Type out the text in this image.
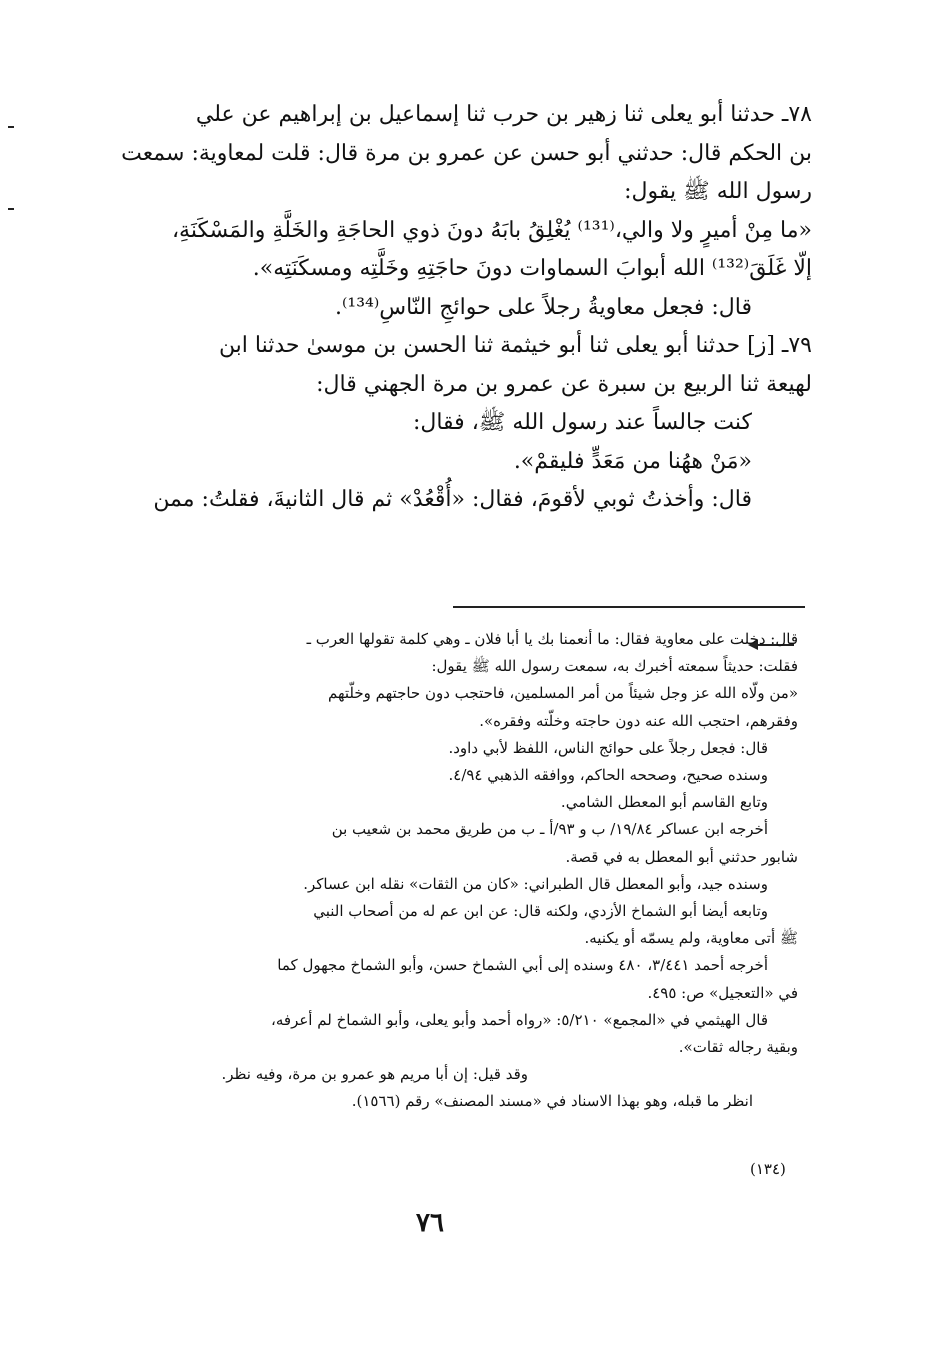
٧٨ـ حدثنا أبو يعلى ثنا زهير بن حرب ثنا إسماعيل بن إبراهيم عن علي

بن الحكم قال: حدثني أبو حسن عن عمرو بن مرة قال: قلت لمعاوية: سمعت

رسول الله ﷺ يقول:

«ما مِنْ أميرٍ ولا والي،⁽¹³¹⁾ يُغْلِقُ بابَهُ دونَ ذوي الحاجَةِ والخَلَّةِ والمَسْكَنَةِ،

إلّا غَلَقَ⁽¹³²⁾ الله أبوابَ السماوات دونَ حاجَتِهِ وخَلَّتِه ومسكَنَتِه».

قال: فجعل معاويةُ رجلاً على حوائجِ النّاسِ⁽¹³⁴⁾.

٧٩ـ [ز] حدثنا أبو يعلى ثنا أبو خيثمة ثنا الحسن بن موسىٰ حدثنا ابن

لهيعة ثنا الربيع بن سبرة عن عمرو بن مرة الجهني قال:

كنت جالساً عند رسول الله ﷺ، فقال:

«مَنْ ههُنا من مَعَدٍّ فليقمْ».

قال: وأخذتُ ثوبي لأقومَ، فقال: «أُقْعُدْ» ثم قال الثانيةَ، فقلتُ: ممن

قال: دخلت على معاوية فقال: ما أنعمنا بك يا أبا فلان ـ وهي كلمة تقولها العرب ـ

فقلت: حديثاً سمعته أخبرك به، سمعت رسول الله ﷺ يقول:

«من ولّاه الله عز وجل شيئاً من أمر المسلمين، فاحتجب دون حاجتهم وخلّتهم

وفقرهم، احتجب الله عنه دون حاجته وخلّته وفقره».

قال: فجعل رجلاً على حوائج الناس، اللفظ لأبي داود.

وسنده صحيح، وصححه الحاكم، ووافقه الذهبي ٤/٩٤.

وتابع القاسم أبو المعطل الشامي.

أخرجه ابن عساكر ١٩/٨٤/ ب و ٩٣/أ ـ ب من طريق محمد بن شعيب بن

شابور حدثني أبو المعطل به في قصة.

وسنده جيد، وأبو المعطل قال الطبراني: «كان من الثقات» نقله ابن عساكر.

وتابعه أيضا أبو الشماخ الأزدي، ولكنه قال: عن ابن عم له من أصحاب النبي

ﷺ أتى معاوية، ولم يسمّه أو يكنيه.

أخرجه أحمد ٣/٤٤١، ٤٨٠ وسنده إلى أبي الشماخ حسن، وأبو الشماخ مجهول كما

في «التعجيل» ص: ٤٩٥.

قال الهيثمي في «المجمع» ٥/٢١٠: «رواه أحمد وأبو يعلى، وأبو الشماخ لم أعرفه،

وبقية رجاله ثقات».

وقد قيل: إن أبا مريم هو عمرو بن مرة، وفيه نظر.

انظر ما قبله، وهو بهذا الاسناد في «مسند المصنف» رقم (١٥٦٦).

(١٣٤)
٧٦
